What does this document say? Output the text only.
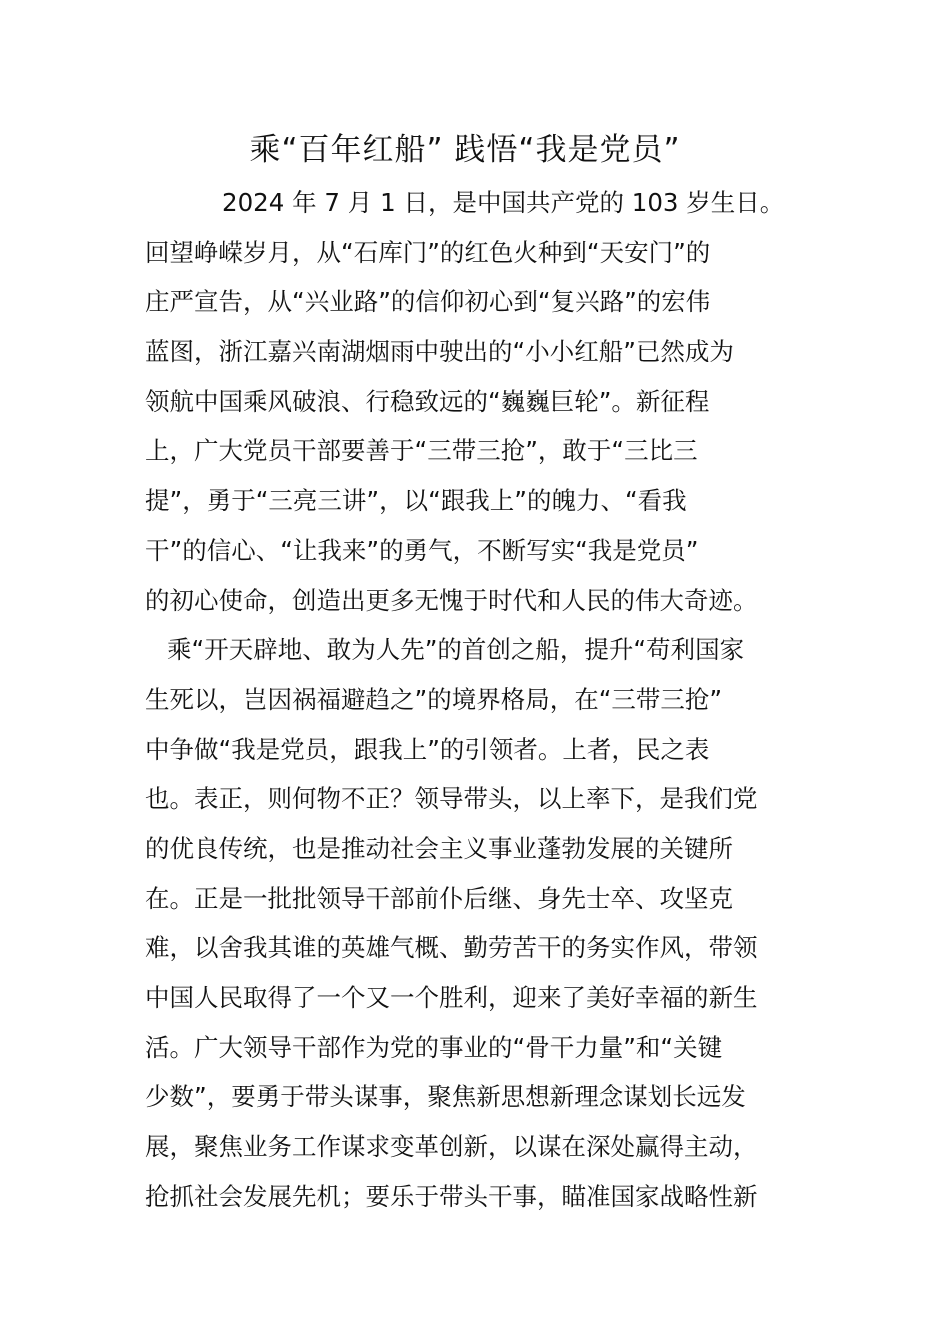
乘“百年红船” 践悟“我是党员”
2024 年 7 月 1 日，是中国共产党的 103 岁生日。
回望峥嵘岁月，从“石库门”的红色火种到“天安门”的
庄严宣告，从“兴业路”的信仰初心到“复兴路”的宏伟
蓝图，浙江嘉兴南湖烟雨中驶出的“小小红船”已然成为
领航中国乘风破浪、行稳致远的“巍巍巨轮”。新征程
上，广大党员干部要善于“三带三抢”，敢于“三比三
提”，勇于“三亮三讲”，以“跟我上”的魄力、“看我
干”的信心、“让我来”的勇气，不断写实“我是党员”
的初心使命，创造出更多无愧于时代和人民的伟大奇迹。
乘“开天辟地、敢为人先”的首创之船，提升“苟利国家
生死以，岂因祸福避趋之”的境界格局，在“三带三抢”
中争做“我是党员，跟我上”的引领者。上者，民之表
也。表正，则何物不正？领导带头，以上率下，是我们党
的优良传统，也是推动社会主义事业蓬勃发展的关键所
在。正是一批批领导干部前仆后继、身先士卒、攻坚克
难，以舍我其谁的英雄气概、勤劳苦干的务实作风，带领
中国人民取得了一个又一个胜利，迎来了美好幸福的新生
活。广大领导干部作为党的事业的“骨干力量”和“关键
少数”，要勇于带头谋事，聚焦新思想新理念谋划长远发
展，聚焦业务工作谋求变革创新，以谋在深处赢得主动，
抢抓社会发展先机；要乐于带头干事，瞄准国家战略性新
